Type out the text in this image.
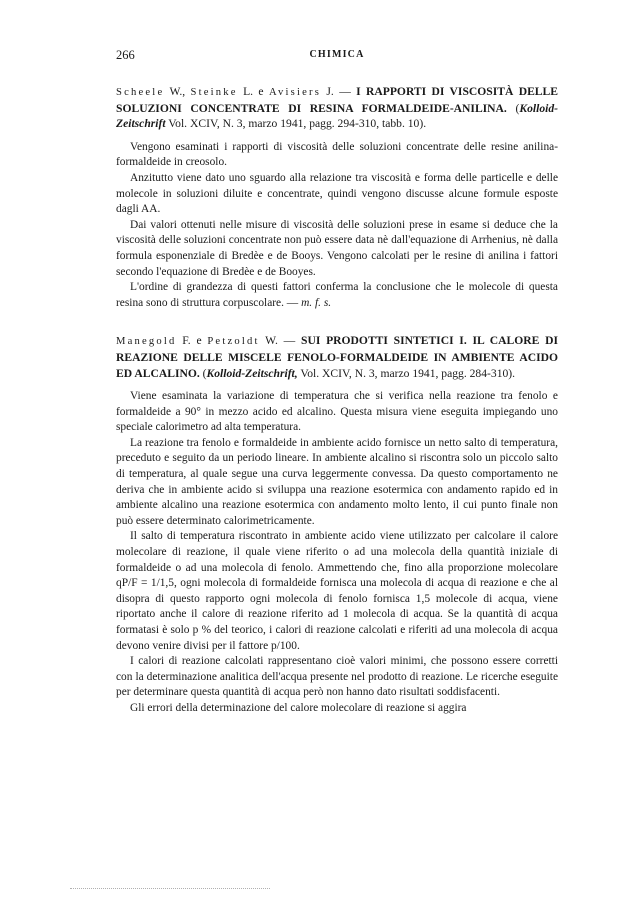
266	CHIMICA

Scheele W., Steinke L. e Avisiers J. — I RAPPORTI DI VISCOSITÀ DELLE SOLUZIONI CONCENTRATE DI RESINA FORMALDEIDE-ANILINA. (Kolloid-Zeitschrift Vol. XCIV, N. 3, marzo 1941, pagg. 294-310, tabb. 10).

Vengono esaminati i rapporti di viscosità delle soluzioni concentrate delle resine anilina-formaldeide in creosolo.

Anzitutto viene dato uno sguardo alla relazione tra viscosità e forma delle particelle e delle molecole in soluzioni diluite e concentrate, quindi vengono discusse alcune formule esposte dagli AA.

Dai valori ottenuti nelle misure di viscosità delle soluzioni prese in esame si deduce che la viscosità delle soluzioni concentrate non può essere data nè dall'equazione di Arrhenius, nè dalla formula esponenziale di Bredèe e de Booys. Vengono calcolati per le resine di anilina i fattori secondo l'equazione di Bredèe e de Booyes.

L'ordine di grandezza di questi fattori conferma la conclusione che le molecole di questa resina sono di struttura corpuscolare. — m. f. s.

Manegold F. e Petzoldt W. — SUI PRODOTTI SINTETICI I. IL CALORE DI REAZIONE DELLE MISCELE FENOLO-FORMALDEIDE IN AMBIENTE ACIDO ED ALCALINO. (Kolloid-Zeitschrift, Vol. XCIV, N. 3, marzo 1941, pagg. 284-310).

Viene esaminata la variazione di temperatura che si verifica nella reazione tra fenolo e formaldeide a 90° in mezzo acido ed alcalino. Questa misura viene eseguita impiegando uno speciale calorimetro ad alta temperatura.

La reazione tra fenolo e formaldeide in ambiente acido fornisce un netto salto di temperatura, preceduto e seguito da un periodo lineare. In ambiente alcalino si riscontra solo un piccolo salto di temperatura, al quale segue una curva leggermente convessa. Da questo comportamento ne deriva che in ambiente acido si sviluppa una reazione esotermica con andamento rapido ed in ambiente alcalino una reazione esotermica con andamento molto lento, il cui punto finale non può essere determinato calorimetricamente.

Il salto di temperatura riscontrato in ambiente acido viene utilizzato per calcolare il calore molecolare di reazione, il quale viene riferito o ad una molecola della quantità iniziale di formaldeide o ad una molecola di fenolo. Ammettendo che, fino alla proporzione molecolare qP/F = 1/1,5, ogni molecola di formaldeide fornisca una molecola di acqua di reazione e che al disopra di questo rapporto ogni molecola di fenolo fornisca 1,5 molecole di acqua, viene riportato anche il calore di reazione riferito ad 1 molecola di acqua. Se la quantità di acqua formatasi è solo p % del teorico, i calori di reazione calcolati e riferiti ad una molecola di acqua devono venire divisi per il fattore p/100.

I calori di reazione calcolati rappresentano cioè valori minimi, che possono essere corretti con la determinazione analitica dell'acqua presente nel prodotto di reazione. Le ricerche eseguite per determinare questa quantità di acqua però non hanno dato risultati soddisfacenti.

Gli errori della determinazione del calore molecolare di reazione si aggira
